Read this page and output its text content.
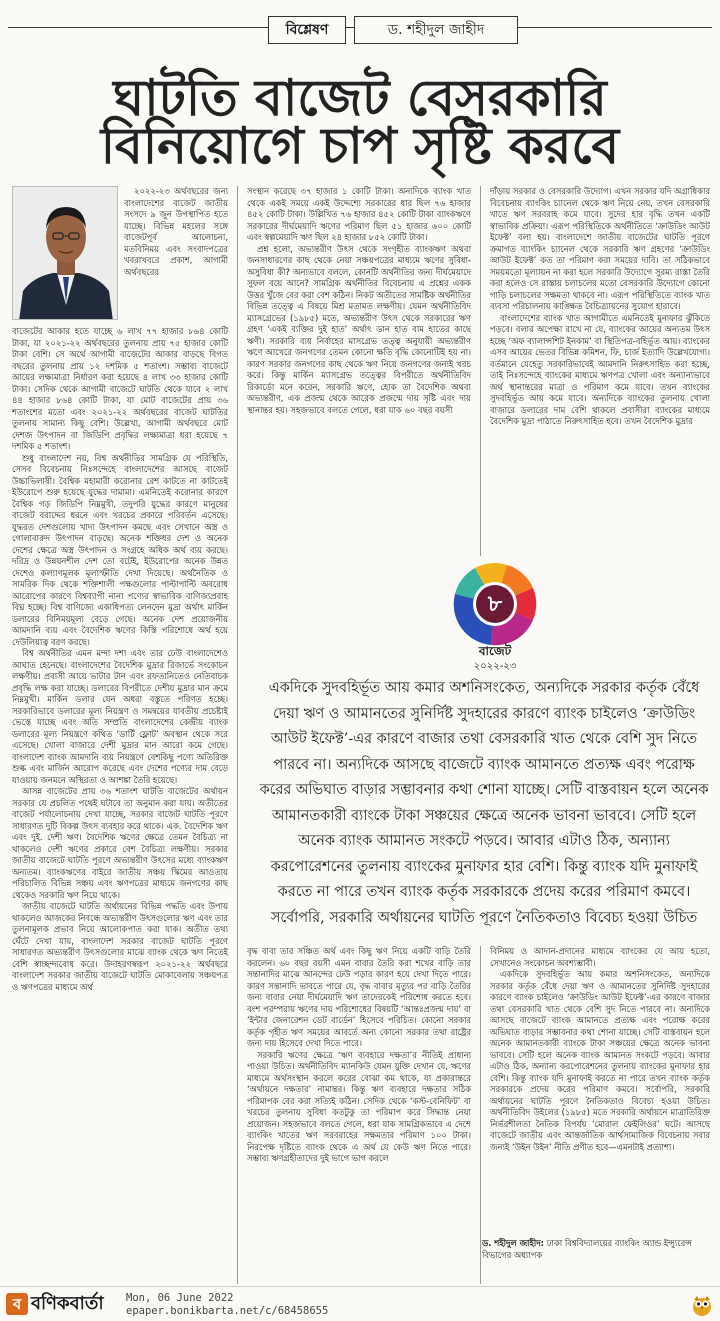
বিশ্লেষণ	ড. শহীদুল জাহীদ
ঘাটতি বাজেট বেসরকারি
বিনিয়োগে চাপ সৃষ্টি করবে

২০২২-২৩ অর্থবছরের জন্য বাংলাদেশের বাজেট জাতীয় সংসদে ৯ জুন উপস্থাপিত হতে যাচ্ছে। বিভিন্ন মহলের সঙ্গে বাজেটপূর্ব আলোচনা, মতবিনিময় এবং সংবাদপত্রের খবরাখবরে প্রকাশ, আগামী অর্থবছরের

বাজেটের আকার হতে যাচ্ছে ৬ লাখ ৭৭ হাজার ৮৬৪ কোটি টাকা, যা ২০২১-২২ অর্থবছরের তুলনায় প্রায় ৭৫ হাজার কোটি টাকা বেশি। সে অর্থে আগামী বাজেটের আকার বাড়ছে বিগত বছরের তুলনায় প্রায় ১২ দশমিক ৫ শতাংশ। সম্ভাব্য বাজেটে আয়ের লক্ষ্যমাত্রা নির্ধারণ করা হয়েছে ৪ লাখ ৩৩ হাজার কোটি টাকা। সেদিক থেকে আগামী বাজেটে ঘাটতি থেকে যাবে ২ লাখ ৪৪ হাজার ৮৬৪ কোটি টাকা, যা মোট বাজেটের প্রায় ৩৬ শতাংশের মতো এবং ২০২১-২২ অর্থবছরের বাজেট ঘাটতির তুলনায় সামান্য কিছু বেশি। উল্লেখ্য, আগামী অর্থবছরে মোট দেশজ উৎপাদন বা জিডিপি প্রবৃদ্ধির লক্ষ্যমাত্রা ধরা হয়েছে ৭ দশমিক ৫ শতাংশ।

শুধু বাংলাদেশ নয়, বিশ্ব অর্থনীতির সামগ্রিক যে পরিস্থিতি, সেসব বিবেচনায় নিঃসন্দেহে বাংলাদেশের আসছে বাজেট উচ্চাভিলাষী। বৈশ্বিক মহামারী করোনার রেশ কাটতে না কাটতেই ইউরোপে শুরু হয়েছে যুদ্ধের দামামা। এমনিতেই করোনার কারণে বৈশ্বিক গড় জিডিপি নিম্নমুখী, তদুপরি যুদ্ধের কারণে মানুষের বাজেট বরাদ্দের ধরনে এবং খরচের প্রকারে পরিবর্তন এসেছে। যুদ্ধরত দেশগুলোয় খাদ্য উৎপাদন কমছে এবং সেখানে অস্ত্র ও গোলাবারুদ উৎপাদন বাড়ছে। অনেক শক্তিধর দেশ ও অনেক দেশের ক্ষেত্রে অস্ত্র উৎপাদন ও সংগ্রহে অধিক অর্থ ব্যয় করছে। দরিদ্র ও উন্নয়নশীল দেশ তো বটেই, ইউরোপের অনেক উন্নত দেশেও কল্যাণমূলক মূল্যস্ফীতি দেখা দিয়েছে। অর্থনৈতিক ও সামরিক দিক থেকে শক্তিশালী পক্ষগুলোর পাল্টাপাল্টি অবরোধ আরোপের কারণে বিশ্বব্যাপী নানা পণ্যের স্বাভাবিক বাণিজ্যপ্রবাহ বিঘ্ন হচ্ছে। বিশ্ব বাণিজ্যে একাধিপত্য লেনদেন মুদ্রা অর্থাৎ মার্কিন ডলারের বিনিময়মূল্য বেড়ে গেছে। অনেক দেশ প্রয়োজনীয় আমদানি ব্যয় এবং বৈদেশিক ঋণের কিস্তি পরিশোধে অর্থ হয়ে দেউলিয়াত্ব বরণ করছে।

বিশ্ব অর্থনীতির এমন মন্দা দশা এবং তার ঢেউ বাংলাদেশেও আঘাত হেনেছে। বাংলাদেশের বৈদেশিক মুদ্রার রিজার্ভে সংকোচন লক্ষণীয়। প্রবাসী আয়ে ভাটার টান এবং রফতানিতেও নেতিবাচক প্রবৃদ্ধি লক্ষ করা যাচ্ছে। ডলারের বিপরীতে দেশীয় মুদ্রার মান ক্রমে নিম্নমুখী। মার্কিন ডলার যেন অধরা বস্তুতে পরিণত হচ্ছে। সরকারিভাবে ডলারের মূল্য নিয়ন্ত্রণ ও সমন্বয়ের যাবতীয় প্রচেষ্টাই ভেস্তে যাচ্ছে এবং অতি সম্প্রতি বাংলাদেশের কেন্দ্রীয় ব্যাংক ডলারের মূল্য নিয়ন্ত্রণে কথিত ‘ডার্টি ফ্লোট’ অবস্থান থেকে সরে এসেছে। খোলা বাজারে দেশী মুদ্রার মান আরো কমে গেছে। বাংলাদেশ ব্যাংক আমদানি ব্যয় নিয়ন্ত্রণে বেশকিছু পণ্যে অতিরিক্ত শুল্ক এবং মার্জিন আরোপ করেছে এবং দেশের পণ্যের দাম বেড়ে যাওয়ায় জনমনে অস্থিরতা ও আশঙ্কা তৈরি হয়েছে।

আসন্ন বাজেটের প্রায় ৩৬ শতাংশ ঘাটতি বাজেটের অর্থায়ন সরকার যে প্রচলিত পথেই ঘটাবে তা অনুমান করা যায়। অতীতের বাজেট পর্যালোচনায় দেখা যাচ্ছে, সরকার বাজেট ঘাটতি পূরণে সাধারণত দুটি বিকল্প উৎস ব্যবহার করে থাকে। এক. বৈদেশিক ঋণ এবং দুই. দেশী ঋণ। বৈদেশিক ঋণের ক্ষেত্রে তেমন বৈচিত্র্য না থাকলেও দেশী ঋণের প্রকারে বেশ বৈচিত্র্য লক্ষণীয়। সরকার জাতীয় বাজেটে ঘাটতি পূরণে অভ্যন্তরীণ উৎসের মধ্যে ব্যাংকঋণ অন্যতম। ব্যাংকঋণের বাইরে জাতীয় সঞ্চয় স্কিমের আওতায় পরিচালিত বিভিন্ন সঞ্চয় এবং ঋণপত্রের মাধ্যমে জনগণের কাছ থেকেও সরকারি ঋণ নিয়ে থাকে।

জাতীয় বাজেটে ঘাটতি অর্থায়নের বিভিন্ন পদ্ধতি এবং উপায় থাকলেও আজকের নিবন্ধে অভ্যন্তরীণ উৎসগুলোর ঋণ এবং তার তুলনামূলক প্রভাব নিয়ে আলোকপাত করা যাক। অতীত তথ্য ঘেঁটে দেখা যায়, বাংলাদেশ সরকার বাজেট ঘাটতি পূরণে সাধারণত অভ্যন্তরীণ উৎসগুলোর মাঝে ব্যাংক থেকে ঋণ নিতেই বেশি স্বাচ্ছন্দ্যবোধ করে। উদাহরণস্বরূপ ২০২১-২২ অর্থবছরে বাংলাদেশ সরকার জাতীয় বাজেটে ঘাটতি মোকাবেলায় সঞ্চয়পত্র ও ঋণপত্রের মাধ্যমে অর্থ

সংস্থান করেছে ৩৭ হাজার ১ কোটি টাকা। অন্যদিকে ব্যাংক খাত থেকে একই সময়ে একই উদ্দেশ্যে সরকারের ধার ছিল ৭৬ হাজার ৪৫২ কোটি টাকা। উল্লিখিত ৭৬ হাজার ৪৫২ কোটি টাকা ব্যাংকঋণে সরকারের দীর্ঘমেয়াদি ঋণের পরিমাণ ছিল ৫১ হাজার ৬০০ কোটি এবং স্বল্পমেয়াদি ঋণ ছিল ২৪ হাজার ৮৫২ কোটি টাকা।

প্রশ্ন হলো, অভ্যন্তরীণ উৎস থেকে সংগৃহীত ব্যাংকঋণ অথবা জনসাধারণের কাছ থেকে নেয়া সঞ্চয়পত্রের মাধ্যমে ঋণের সুবিধা-অসুবিধা কী? অন্যভাবে বললে, কোনটি অর্থনীতির জন্য দীর্ঘমেয়াদে সুফল বয়ে আনে? সামগ্রিক অর্থনীতির বিবেচনায় এ প্রশ্নের একক উত্তর খুঁজে বের করা বেশ কঠিন। নিকট অতীতের সামষ্টিক অর্থনীতির বিভিন্ন তত্ত্বে এ বিষয়ে মিশ্র মতামত লক্ষণীয়। যেমন অর্থনীতিবিদ ম্যাসগ্রেভের (১৯৮৫) মতে, অভ্যন্তরীণ উৎস থেকে সরকারের ঋণ গ্রহণ ‘একই ব্যক্তির দুই হাত’ অর্থাৎ ডান হাত বাম হাতের কাছে ঋণী। সরকারি ব্যয় নির্বাহের মাসগ্রেভ তত্ত্ব অনুযায়ী অভ্যন্তরীণ ঋণে আখেরে জনগণের তেমন কোনো ক্ষতি বৃদ্ধি কোনোটিই হয় না। কারণ সরকার জনগণের কাছ থেকে ঋণ নিয়ে জনগণের জন্যই খরচ করে। কিন্তু মার্কিন ম্যাসগ্রেভ তত্ত্বের বিপরীতে অর্থনীতিবিদ রিকার্ডো মনে করেন, সরকারি ঋণে, হোক তা বৈদেশিক অথবা অভ্যন্তরীণ, এক প্রজন্ম থেকে আরেক প্রজন্মে দায় সৃষ্টি এবং দায় স্থানান্তর হয়। সহজভাবে বলতে গেলে, ধরা যাক ৬০ বছর বয়সী

দাঁড়ায় সরকার ও বেসরকারি উদ্যোগ। এখন সরকার যদি অগ্রাধিকার বিবেচনায় ব্যাংকিং চ্যানেল থেকে ঋণ নিয়ে নেয়, তখন বেসরকারি খাতে ঋণ সরবরাহ কমে যাবে। সুদের হার বৃদ্ধি তখন একটি স্বাভাবিক প্রক্রিয়া। এরূপ পরিস্থিতিকে অর্থনীতিতে ‘ক্রাউডিং আউট ইফেক্ট’ বলা হয়। বাংলাদেশে জাতীয় বাজেটের ঘাটতি পূরণে ক্রমাগত ব্যাংকিং চ্যানেল থেকে সরকারি ঋণ গ্রহণের ‘ক্রাউডিং আউট ইফেক্ট’ কত তা পরিমাণ করা সময়ের দাবি। তা সঠিকভাবে সময়মতো মূল্যায়ন না করা হলে সরকারি উদ্যোগে সুরম্য রাস্তা তৈরি করা হলেও সে রাস্তায় চলাচলের মতো বেসরকারি উদ্যোগে কোনো গাড়ি চলাচলের সক্ষমতা থাকবে না। এরূপ পরিস্থিতিতে ব্যাংক খাত ব্যবসা পরিচালনায় কাঙ্ক্ষিত বৈচিত্র্যায়নের সুযোগ হারাবে।

বাংলাদেশের ব্যাংক খাত আগামীতে এমনিতেই মুনাফার ঝুঁকিতে পড়বে। বলার অপেক্ষা রাখে না যে, ব্যাংকের আয়ের অন্যতম উৎস হচ্ছে ‘অফ ব্যালান্সশিট ইনকাম’ বা স্থিতিপত্র-বহির্ভূত আয়। ব্যাংকের এসব আয়ের ভেতর বিভিন্ন কমিশন, ফি, চার্জ ইত্যাদি উল্লেখযোগ্য। বর্তমানে যেহেতু সরকারিভাবেই আমদানি নিরুৎসাহিত করা হচ্ছে, তাই নিঃসন্দেহে ব্যাংকের মাধ্যমে ঋণপত্র খোলা এবং অন্যান্যভাবে অর্থ স্থানান্তরের মাত্রা ও পরিমাণ কমে যাবে। তখন ব্যাংকের সুদবহির্ভূত আয় কমে যাবে। অন্যদিকে ব্যাংকের তুলনায় খোলা বাজারে ডলারের দাম বেশি থাকলে প্রবাসীরা ব্যাংকের মাধ্যমে বৈদেশিক মুদ্রা পাঠাতে নিরুৎসাহিত হবে। তখন বৈদেশিক মুদ্রার

৮
বাজেট
২০২২-২৩
একদিকে সুদবহির্ভূত আয় কমার অশনিসংকেত, অন্যদিকে সরকার কর্তৃক বেঁধে দেয়া ঋণ ও আমানতের সুনির্দিষ্ট সুদহারের কারণে ব্যাংক চাইলেও ‘ক্রাউডিং আউট ইফেক্ট’-এর কারণে বাজার তথা বেসরকারি খাত থেকে বেশি সুদ নিতে পারবে না। অন্যদিকে আসছে বাজেটে ব্যাংক আমানতে প্রত্যক্ষ এবং পরোক্ষ করের অভিঘাত বাড়ার সম্ভাবনার কথা শোনা যাচ্ছে। সেটি বাস্তবায়ন হলে অনেক আমানতকারী ব্যাংকে টাকা সঞ্চয়ের ক্ষেত্রে অনেক ভাবনা ভাববে। সেটি হলে অনেক ব্যাংক আমানত সংকটে পড়বে। আবার এটাও ঠিক, অন্যান্য করপোরেশনের তুলনায় ব্যাংকের মুনাফার হার বেশি। কিন্তু ব্যাংক যদি মুনাফাই করতে না পারে তখন ব্যাংক কর্তৃক সরকারকে প্রদেয় করের পরিমাণ কমবে। সর্বোপরি, সরকারি অর্থায়নের ঘাটতি পূরণে নৈতিকতাও বিবেচ্য হওয়া উচিত

বৃদ্ধ বাবা তার সঞ্চিত অর্থ এবং কিছু ঋণ নিয়ে একটি বাড়ি তৈরি করলেন। ৬০ বছর বয়সী এমন বাবার তৈরি করা শখের বাড়ি তার সন্তানাদির মাঝে আনন্দের ঢেউ পড়ার কারণ হয়ে দেখা দিতে পারে। কারণ সন্তানাদি ভাবতে পারে যে, বৃদ্ধ বাবার মৃত্যুর পর বাড়ি তৈরির জন্য বাবার নেয়া দীর্ঘমেয়াদি ঋণ তাদেরকেই পরিশোধ করতে হবে। বংশ পরম্পরায় ঋণের দায় পরিশোধের বিষয়টি ‘আন্তঃপ্রজন্ম দায়’ বা ‘ইন্টার জেনারেশন ডেট বার্ডেন’ হিসেবে পরিচিত। কোনো সরকার কর্তৃক গৃহীত ঋণ সময়ের আবর্তে অন্য কোনো সরকার তথা রাষ্ট্রের জন্য দায় হিসেবে দেখা দিতে পারে।

সরকারি ঋণের ক্ষেত্রে ‘ঋণ ব্যবহারে দক্ষতা’র নীতিই প্রাধান্য পাওয়া উচিত। অর্থনীতিবিদ ম্যানকিউ যেমন যুক্তি দেখান যে, ঋণের মাধ্যমে অর্থসংস্থান করলে করের বোঝা কম থাকে, যা প্রকারান্তরে ‘অর্থায়নে দক্ষতার’ নামান্তর। কিন্তু ঋণ ব্যবহারে দক্ষতার সঠিক পরিমাপক বের করা সত্যিই কঠিন। সেদিক থেকে ‘কস্ট-বেনিফিট’ বা খরচের তুলনায় সুবিধা কতটুকু তা পরিমাপ করে সিদ্ধান্ত নেয়া প্রয়োজন। সহজভাবে বলতে গেলে, ধরা যাক সামগ্রিকভাবে এ দেশে ব্যাংকিং খাতের ঋণ সরবরাহের সক্ষমতার পরিমাণ ১০০ টাকা। নিরপেক্ষ দৃষ্টিতে ব্যাংক থেকে এ অর্থ যে কেউ ঋণ নিতে পারে। সম্ভাব্য ঋণগ্রহীতাদের দুই ভাগে ভাগ করলে

বিনিময় ও আদান-প্রদানের মাধ্যমে ব্যাংকের যে আয় হতো, সেখানেও সংকোচন অবশ্যম্ভাবী।

একদিকে সুদবহির্ভূত আয় কমার অশনিসংকেত, অন্যদিকে সরকার কর্তৃক বেঁধে দেয়া ঋণ ও আমানতের সুনির্দিষ্ট সুদহারের কারণে ব্যাংক চাইলেও ‘ক্রাউডিং আউট ইফেক্ট’-এর কারণে বাজার তথা বেসরকারি খাত থেকে বেশি সুদ নিতে পারবে না। অন্যদিকে আসছে বাজেটে ব্যাংক আমানতে প্রত্যক্ষ এবং পরোক্ষ করের অভিঘাত বাড়ার সম্ভাবনার কথা শোনা যাচ্ছে। সেটি বাস্তবায়ন হলে অনেক আমানতকারী ব্যাংকে টাকা সঞ্চয়ের ক্ষেত্রে অনেক ভাবনা ভাববে। সেটি হলে অনেক ব্যাংক আমানত সংকটে পড়বে। আবার এটাও ঠিক, অন্যান্য করপোরেশনের তুলনায় ব্যাংকের মুনাফার হার বেশি। কিন্তু ব্যাংক যদি মুনাফাই করতে না পারে তখন ব্যাংক কর্তৃক সরকারকে প্রদেয় করের পরিমাণ কমবে। সর্বোপরি, সরকারি অর্থায়নের ঘাটতি পূরণে নৈতিকতাও বিবেচ্য হওয়া উচিত। অর্থনীতিবিদ উইলের (১৯৮৫) মতে সরকারি অর্থায়নে মাত্রাতিরিক্ত নির্ভরশীলতা নৈতিক বিপর্যয় ‘মোরাল ফেইলিওর’ ঘটে। আসছে বাজেটে জাতীয় এবং আন্তর্জাতিক আর্থসামাজিক বিবেচনায় সবার জন্যই ‘উইন উইন’ নীতি প্রণীত হবে—এমনটাই প্রত্যাশা।

ড. শহীদুল জাহীদ: ঢাকা বিশ্ববিদ্যালয়ের ব্যাংকিং অ্যান্ড ইন্স্যুরেন্স বিভাগের অধ্যাপক
ব বণিকবার্তা Mon, 06 June 2022
epaper.bonikbarta.net/c/68458655
